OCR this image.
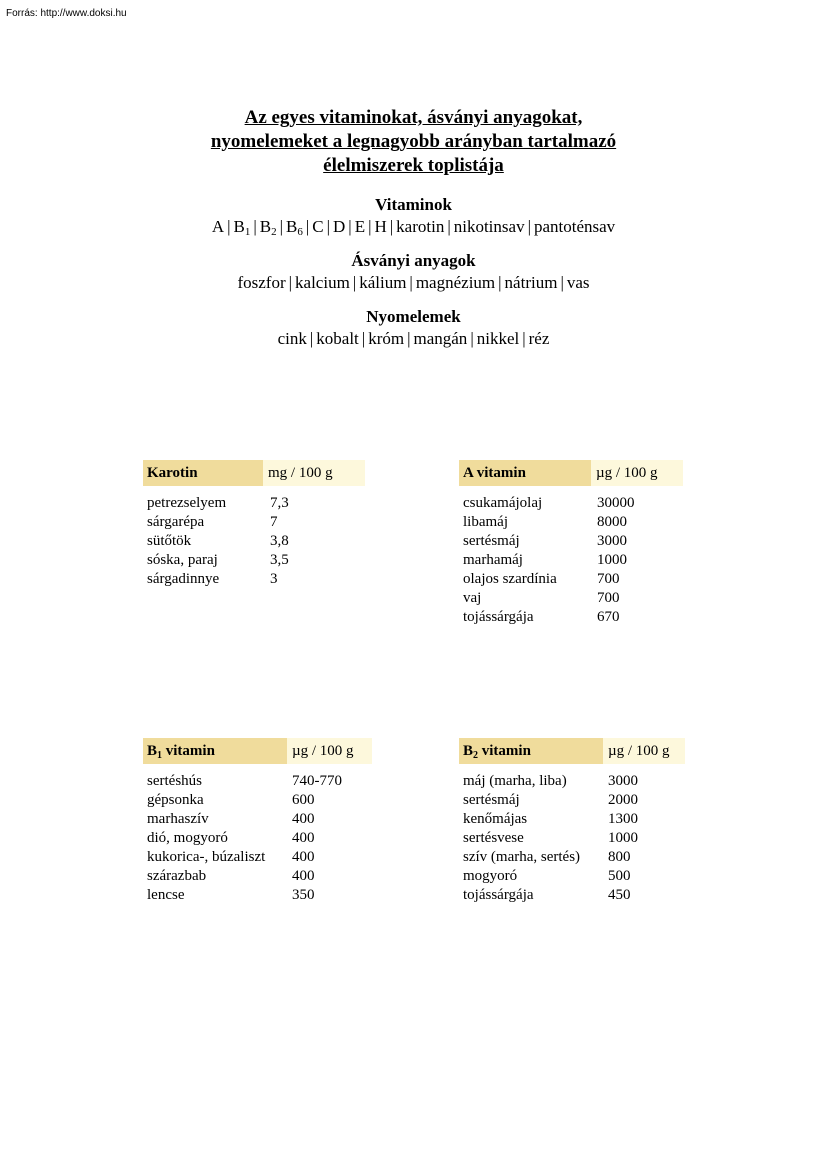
Forrás: http://www.doksi.hu
Az egyes vitaminokat, ásványi anyagokat,
nyomelemeket a legnagyobb arányban tartalmazó
élelmiszerek toplistája
Vitaminok
A | $B_1$ | $B_2$ | $B_6$ | C | D | E | H | karotin | nikotinsav | pantoténsav
Ásványi anyagok
foszfor | kalcium | kálium | magnézium | nátrium | vas
Nyomelemek
cink | kobalt | króm | mangán | nikkel | réz
Karotin	mg / 100 g
petrezselyem	7,3
sárgarépa	7
sütőtök	3,8
sóska, paraj	3,5
sárgadinnye	3
A vitamin	µg / 100 g
csukamájolaj	30000
libamáj	8000
sertésmáj	3000
marhamáj	1000
olajos szardínia	700
vaj	700
tojássárgája	670
$B_1$ vitamin	µg / 100 g
sertéshús	740-770
gépsonka	600
marhaszív	400
dió, mogyoró	400
kukorica-, búzaliszt 400
szárazbab	400
lencse	350
$B_2$ vitamin	µg / 100 g
máj (marha, liba)	3000
sertésmáj	2000
kenőmájas	1300
sertésvese	1000
szív (marha, sertés) 800
mogyoró	500
tojássárgája	450
